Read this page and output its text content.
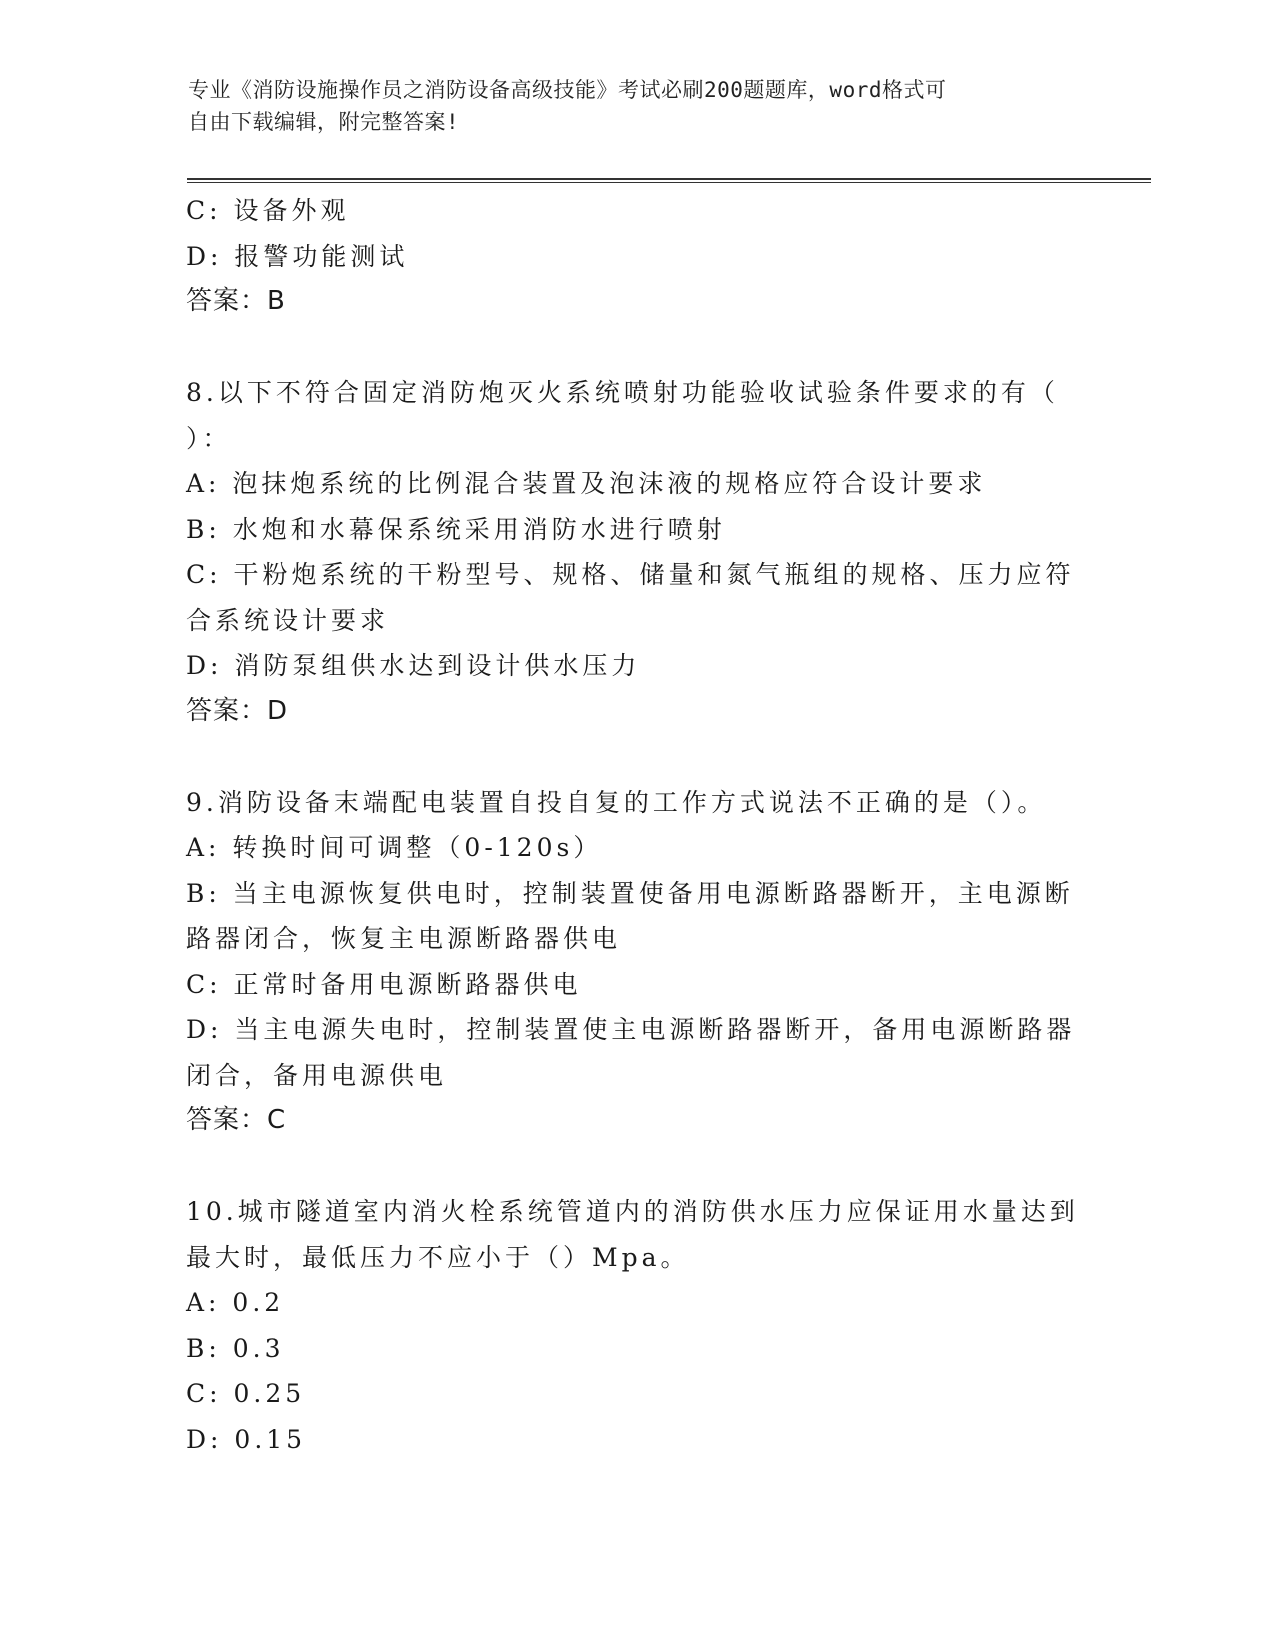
专业《消防设施操作员之消防设备高级技能》考试必刷200题题库，word格式可
自由下载编辑，附完整答案!
C: 设备外观
D: 报警功能测试
答案：B
8.以下不符合固定消防炮灭火系统喷射功能验收试验条件要求的有（
）：
A: 泡抹炮系统的比例混合装置及泡沫液的规格应符合设计要求
B: 水炮和水幕保系统采用消防水进行喷射
C: 干粉炮系统的干粉型号、规格、储量和氮气瓶组的规格、压力应符
合系统设计要求
D: 消防泵组供水达到设计供水压力
答案：D
9.消防设备末端配电装置自投自复的工作方式说法不正确的是（）。
A: 转换时间可调整（0-120s）
B: 当主电源恢复供电时，控制装置使备用电源断路器断开，主电源断
路器闭合，恢复主电源断路器供电
C: 正常时备用电源断路器供电
D: 当主电源失电时，控制装置使主电源断路器断开，备用电源断路器
闭合，备用电源供电
答案：C
10.城市隧道室内消火栓系统管道内的消防供水压力应保证用水量达到
最大时，最低压力不应小于（）Mpa。
A: 0.2
B: 0.3
C: 0.25
D: 0.15
